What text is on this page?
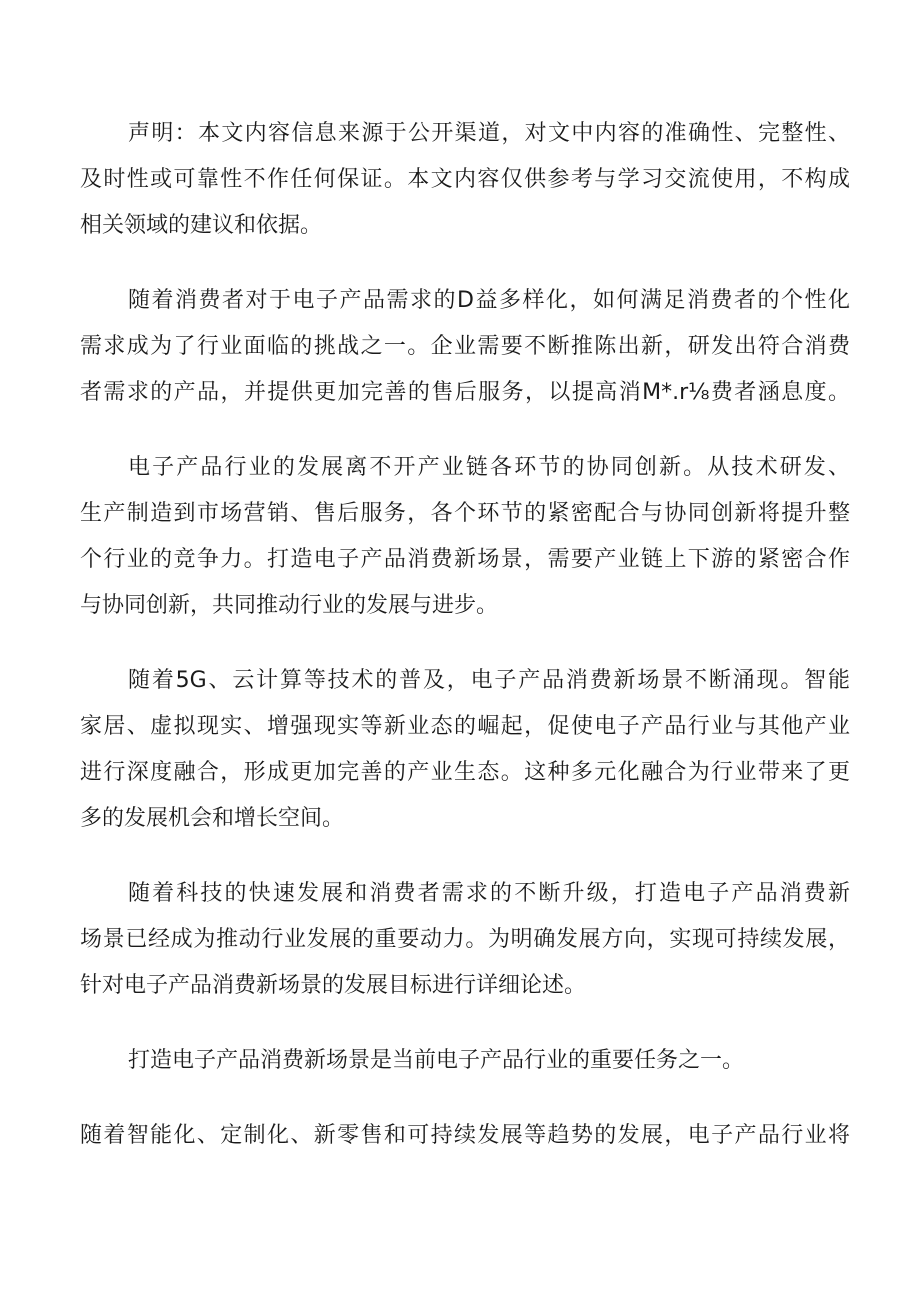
声明：本文内容信息来源于公开渠道，对文中内容的准确性、完整性、
及时性或可靠性不作任何保证。本文内容仅供参考与学习交流使用，不构成
相关领域的建议和依据。
随着消费者对于电子产品需求的D益多样化，如何满足消费者的个性化
需求成为了行业面临的挑战之一。企业需要不断推陈出新，研发出符合消费
者需求的产品，并提供更加完善的售后服务，以提高消M*.r⅛费者涵息度。
电子产品行业的发展离不开产业链各环节的协同创新。从技术研发、
生产制造到市场营销、售后服务，各个环节的紧密配合与协同创新将提升整
个行业的竞争力。打造电子产品消费新场景，需要产业链上下游的紧密合作
与协同创新，共同推动行业的发展与进步。
随着5G、云计算等技术的普及，电子产品消费新场景不断涌现。智能
家居、虚拟现实、增强现实等新业态的崛起，促使电子产品行业与其他产业
进行深度融合，形成更加完善的产业生态。这种多元化融合为行业带来了更
多的发展机会和增长空间。
随着科技的快速发展和消费者需求的不断升级，打造电子产品消费新
场景已经成为推动行业发展的重要动力。为明确发展方向，实现可持续发展，
针对电子产品消费新场景的发展目标进行详细论述。
打造电子产品消费新场景是当前电子产品行业的重要任务之一。
随着智能化、定制化、新零售和可持续发展等趋势的发展，电子产品行业将
